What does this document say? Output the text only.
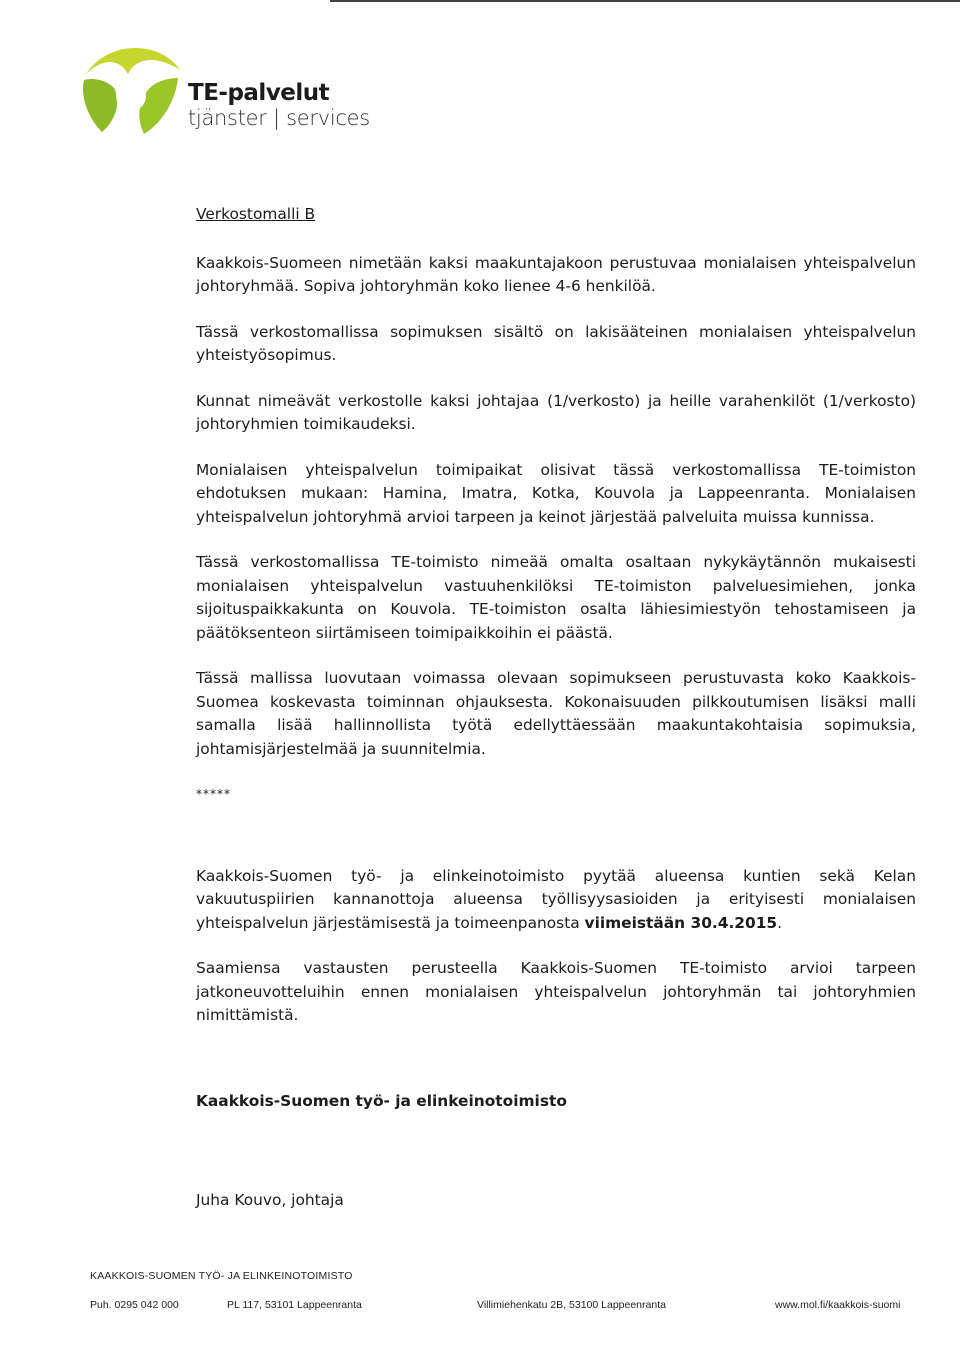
TE-palvelut
tjänster | services

Verkostomalli B

Kaakkois-Suomeen nimetään kaksi maakuntajakoon perustuvaa monialaisen yhteispalvelun johtoryhmää. Sopiva johtoryhmän koko lienee 4-6 henkilöä.

Tässä verkostomallissa sopimuksen sisältö on lakisääteinen monialaisen yhteispalvelun yhteistyösopimus.

Kunnat nimeävät verkostolle kaksi johtajaa (1/verkosto) ja heille varahenkilöt (1/verkosto) johtoryhmien toimikaudeksi.

Monialaisen yhteispalvelun toimipaikat olisivat tässä verkostomallissa TE-toimiston ehdotuksen mukaan: Hamina, Imatra, Kotka, Kouvola ja Lappeenranta. Monialaisen yhteispalvelun johtoryhmä arvioi tarpeen ja keinot järjestää palveluita muissa kunnissa.

Tässä verkostomallissa TE-toimisto nimeää omalta osaltaan nykykäytännön mukaisesti monialaisen yhteispalvelun vastuuhenkilöksi TE-toimiston palveluesimiehen, jonka sijoituspaikkakunta on Kouvola. TE-toimiston osalta lähiesimiestyön tehostamiseen ja päätöksenteon siirtämiseen toimipaikkoihin ei päästä.

Tässä mallissa luovutaan voimassa olevaan sopimukseen perustuvasta koko Kaakkois-Suomea koskevasta toiminnan ohjauksesta. Kokonaisuuden pilkkoutumisen lisäksi malli samalla lisää hallinnollista työtä edellyttäessään maakuntakohtaisia sopimuksia, johtamisjärjestelmää ja suunnitelmia.

*****

Kaakkois-Suomen työ- ja elinkeinotoimisto pyytää alueensa kuntien sekä Kelan vakuutuspiirien kannanottoja alueensa työllisyysasioiden ja erityisesti monialaisen yhteispalvelun järjestämisestä ja toimeenpanosta viimeistään 30.4.2015.

Saamiensa vastausten perusteella Kaakkois-Suomen TE-toimisto arvioi tarpeen jatkoneuvotteluihin ennen monialaisen yhteispalvelun johtoryhmän tai johtoryhmien nimittämistä.

Kaakkois-Suomen työ- ja elinkeinotoimisto

Juha Kouvo, johtaja

KAAKKOIS-SUOMEN TYÖ- JA ELINKEINOTOIMISTO
Puh. 0295 042 000	PL 117, 53101 Lappeenranta	Villimiehenkatu 2B, 53100 Lappeenranta	www.mol.fi/kaakkois-suomi
